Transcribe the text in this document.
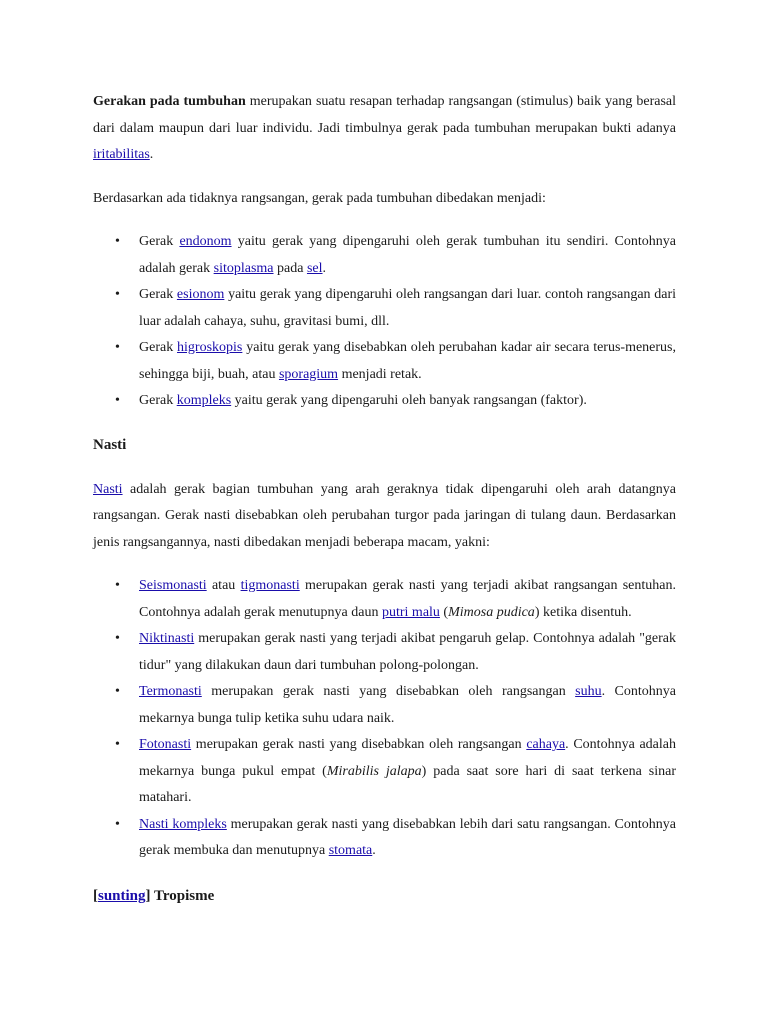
Gerakan pada tumbuhan merupakan suatu resapan terhadap rangsangan (stimulus) baik yang berasal dari dalam maupun dari luar individu. Jadi timbulnya gerak pada tumbuhan merupakan bukti adanya iritabilitas.

Berdasarkan ada tidaknya rangsangan, gerak pada tumbuhan dibedakan menjadi:

• Gerak endonom yaitu gerak yang dipengaruhi oleh gerak tumbuhan itu sendiri. Contohnya adalah gerak sitoplasma pada sel.
• Gerak esionom yaitu gerak yang dipengaruhi oleh rangsangan dari luar. contoh rangsangan dari luar adalah cahaya, suhu, gravitasi bumi, dll.
• Gerak higroskopis yaitu gerak yang disebabkan oleh perubahan kadar air secara terus-menerus, sehingga biji, buah, atau sporagium menjadi retak.
• Gerak kompleks yaitu gerak yang dipengaruhi oleh banyak rangsangan (faktor).
Nasti

Nasti adalah gerak bagian tumbuhan yang arah geraknya tidak dipengaruhi oleh arah datangnya rangsangan. Gerak nasti disebabkan oleh perubahan turgor pada jaringan di tulang daun. Berdasarkan jenis rangsangannya, nasti dibedakan menjadi beberapa macam, yakni:

• Seismonasti atau tigmonasti merupakan gerak nasti yang terjadi akibat rangsangan sentuhan. Contohnya adalah gerak menutupnya daun putri malu (Mimosa pudica) ketika disentuh.
• Niktinasti merupakan gerak nasti yang terjadi akibat pengaruh gelap. Contohnya adalah "gerak tidur" yang dilakukan daun dari tumbuhan polong-polongan.
• Termonasti merupakan gerak nasti yang disebabkan oleh rangsangan suhu. Contohnya mekarnya bunga tulip ketika suhu udara naik.
• Fotonasti merupakan gerak nasti yang disebabkan oleh rangsangan cahaya. Contohnya adalah mekarnya bunga pukul empat (Mirabilis jalapa) pada saat sore hari di saat terkena sinar matahari.
• Nasti kompleks merupakan gerak nasti yang disebabkan lebih dari satu rangsangan. Contohnya gerak membuka dan menutupnya stomata.
[sunting] Tropisme
